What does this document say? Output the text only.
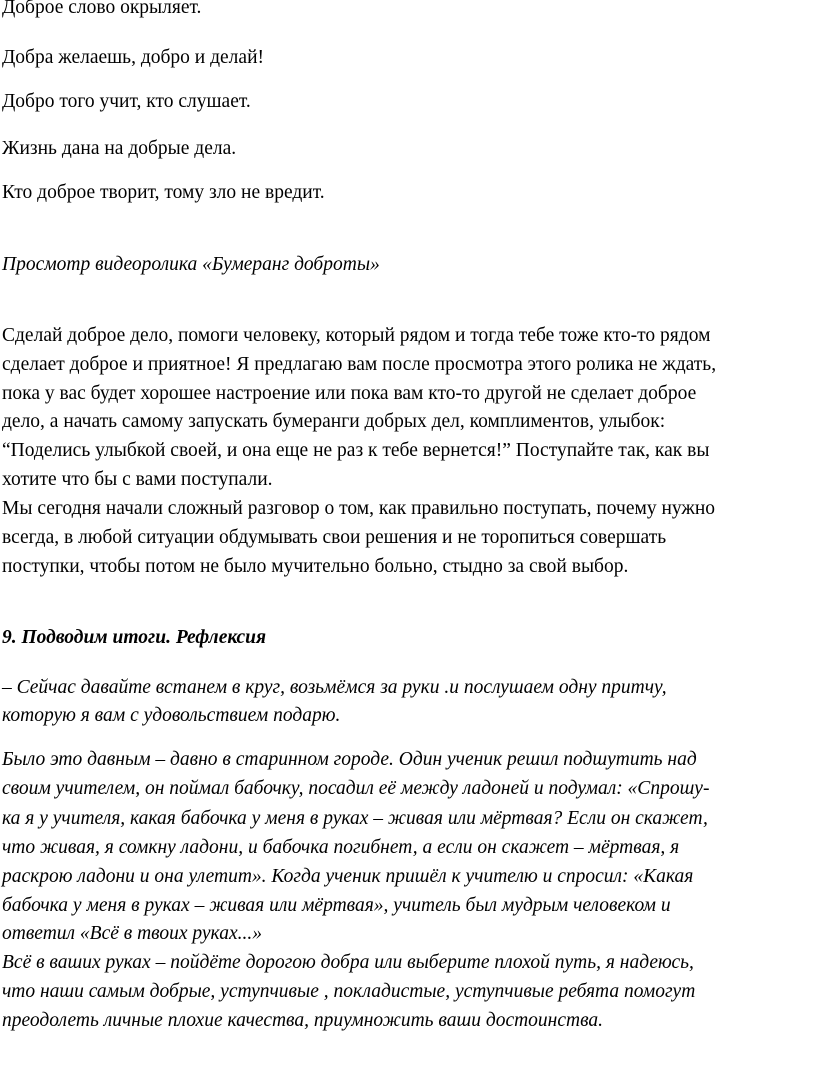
Доброе слово окрыляет.

Добра желаешь, добро и делай!

Добро того учит, кто слушает.

Жизнь дана на добрые дела.

Кто доброе творит, тому зло не вредит.

Просмотр видеоролика «Бумеранг доброты»

Сделай доброе дело, помоги человеку, который рядом и тогда тебе тоже кто-то рядом

сделает доброе и приятное! Я предлагаю вам после просмотра этого ролика не ждать,

пока у вас будет хорошее настроение или пока вам кто-то другой не сделает доброе

дело, а начать самому запускать бумеранги добрых дел, комплиментов, улыбок:

“Поделись улыбкой своей, и она еще не раз к тебе вернется!” Поступайте так, как вы

хотите что бы с вами поступали.

Мы сегодня начали сложный разговор о том, как правильно поступать, почему нужно

всегда, в любой ситуации обдумывать свои решения и не торопиться совершать

поступки, чтобы потом не было мучительно больно, стыдно за свой выбор.

9. Подводим итоги. Рефлексия

– Сейчас давайте встанем в круг, возьмёмся за руки .и послушаем одну притчу,

которую я вам с удовольствием подарю.

Было это давным – давно в старинном городе. Один ученик решил подшутить над

своим учителем, он поймал бабочку, посадил её между ладоней и подумал: «Спрошу-

ка я у учителя, какая бабочка у меня в руках – живая или мёртвая? Если он скажет,

что живая, я сомкну ладони, и бабочка погибнет, а если он скажет – мёртвая, я

раскрою ладони и она улетит». Когда ученик пришёл к учителю и спросил: «Какая

бабочка у меня в руках – живая или мёртвая», учитель был мудрым человеком и

ответил «Всё в твоих руках...»

Всё в ваших руках – пойдёте дорогою добра или выберите плохой путь, я надеюсь,

что наши самым добрые, уступчивые , покладистые, уступчивые ребята помогут

преодолеть личные плохие качества, приумножить ваши достоинства.
